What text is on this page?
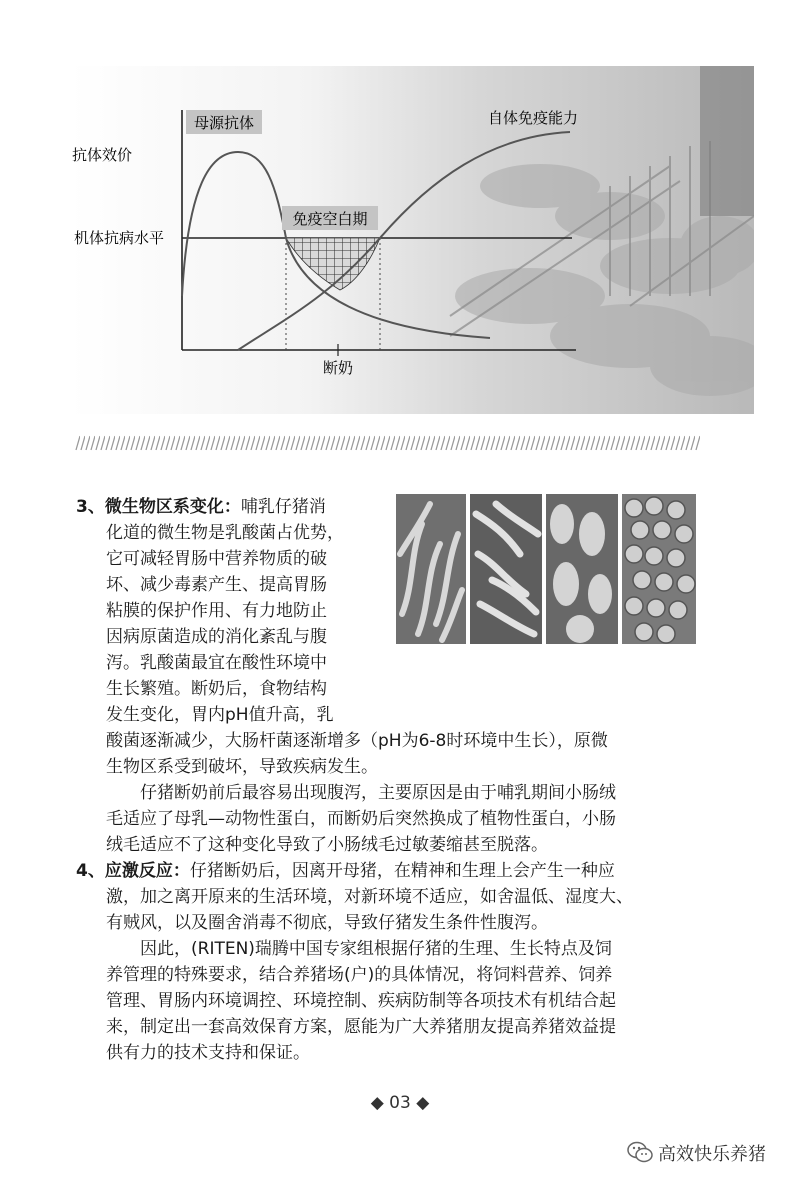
母源抗体
免疫空白期
自体免疫能力
抗体效价
机体抗病水平
断奶
3、微生物区系变化：哺乳仔猪消
化道的微生物是乳酸菌占优势，
它可减轻胃肠中营养物质的破
坏、减少毒素产生、提高胃肠
粘膜的保护作用、有力地防止
因病原菌造成的消化紊乱与腹
泻。乳酸菌最宜在酸性环境中
生长繁殖。断奶后，食物结构
发生变化，胃内pH值升高，乳
酸菌逐渐减少，大肠杆菌逐渐增多（pH为6-8时环境中生长），原微
生物区系受到破坏，导致疾病发生。
仔猪断奶前后最容易出现腹泻，主要原因是由于哺乳期间小肠绒
毛适应了母乳—动物性蛋白，而断奶后突然换成了植物性蛋白，小肠
绒毛适应不了这种变化导致了小肠绒毛过敏萎缩甚至脱落。
4、应激反应：仔猪断奶后，因离开母猪，在精神和生理上会产生一种应
激，加之离开原来的生活环境，对新环境不适应，如舍温低、湿度大、
有贼风，以及圈舍消毒不彻底，导致仔猪发生条件性腹泻。
因此，(RITEN)瑞腾中国专家组根据仔猪的生理、生长特点及饲
养管理的特殊要求，结合养猪场(户)的具体情况，将饲料营养、饲养
管理、胃肠内环境调控、环境控制、疾病防制等各项技术有机结合起
来，制定出一套高效保育方案，愿能为广大养猪朋友提高养猪效益提
供有力的技术支持和保证。
◆ 03 ◆
高效快乐养猪
